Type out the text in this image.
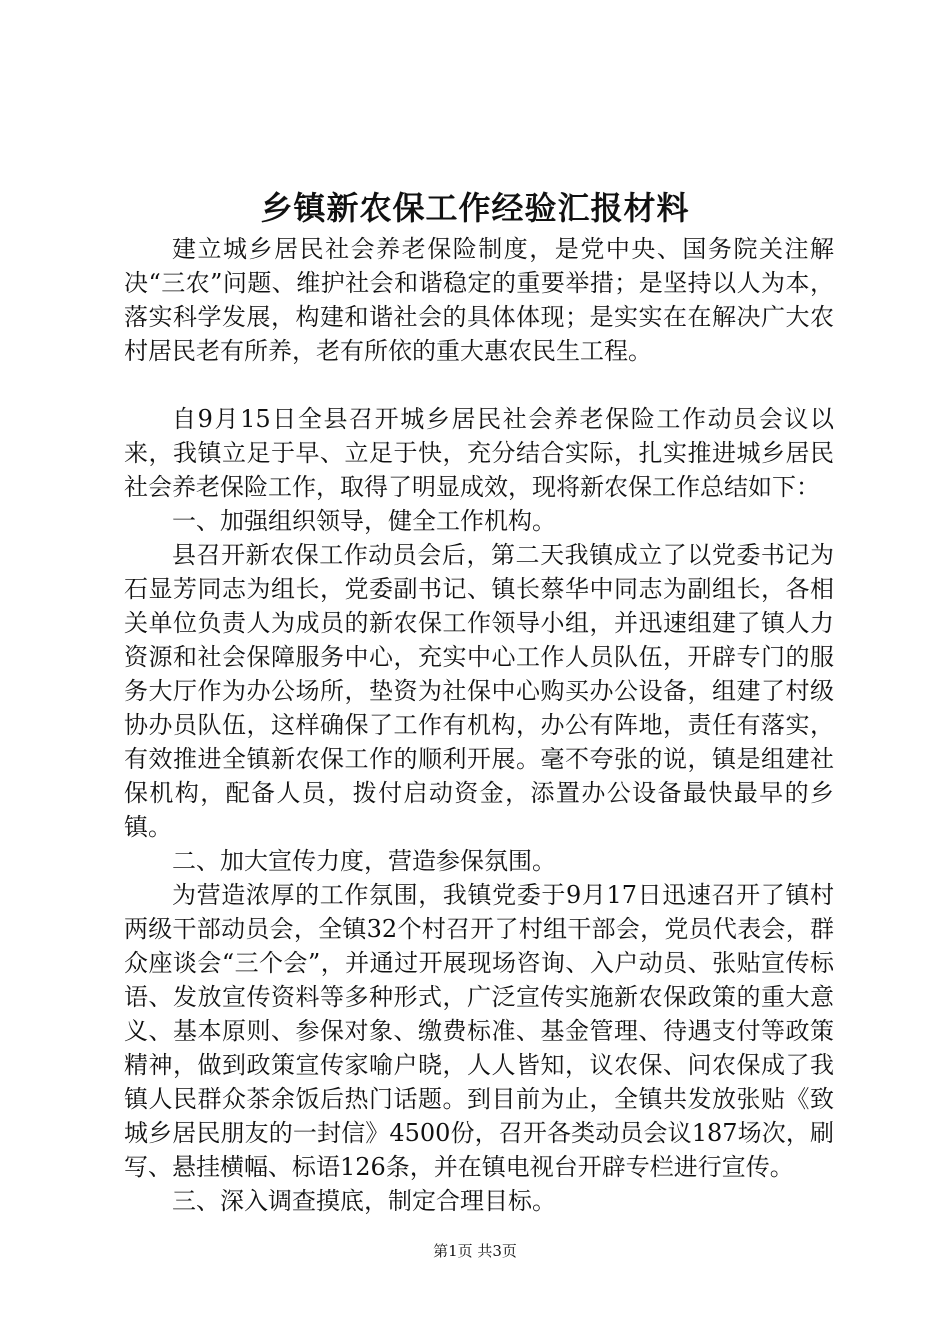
乡镇新农保工作经验汇报材料

建立城乡居民社会养老保险制度，是党中央、国务院关注解决“三农”问题、维护社会和谐稳定的重要举措；是坚持以人为本，落实科学发展，构建和谐社会的具体体现；是实实在在解决广大农村居民老有所养，老有所依的重大惠农民生工程。

自9月15日全县召开城乡居民社会养老保险工作动员会议以来，我镇立足于早、立足于快，充分结合实际，扎实推进城乡居民社会养老保险工作，取得了明显成效，现将新农保工作总结如下：

一、加强组织领导，健全工作机构。

县召开新农保工作动员会后，第二天我镇成立了以党委书记为石显芳同志为组长，党委副书记、镇长蔡华中同志为副组长，各相关单位负责人为成员的新农保工作领导小组，并迅速组建了镇人力资源和社会保障服务中心，充实中心工作人员队伍，开辟专门的服务大厅作为办公场所，垫资为社保中心购买办公设备，组建了村级协办员队伍，这样确保了工作有机构，办公有阵地，责任有落实，有效推进全镇新农保工作的顺利开展。毫不夸张的说，镇是组建社保机构，配备人员，拨付启动资金，添置办公设备最快最早的乡镇。

二、加大宣传力度，营造参保氛围。

为营造浓厚的工作氛围，我镇党委于9月17日迅速召开了镇村两级干部动员会，全镇32个村召开了村组干部会，党员代表会，群众座谈会“三个会”，并通过开展现场咨询、入户动员、张贴宣传标语、发放宣传资料等多种形式，广泛宣传实施新农保政策的重大意义、基本原则、参保对象、缴费标准、基金管理、待遇支付等政策精神，做到政策宣传家喻户晓，人人皆知，议农保、问农保成了我镇人民群众茶余饭后热门话题。到目前为止，全镇共发放张贴《致城乡居民朋友的一封信》4500份，召开各类动员会议187场次，刷写、悬挂横幅、标语126条，并在镇电视台开辟专栏进行宣传。

三、深入调查摸底，制定合理目标。

第1页 共3页
